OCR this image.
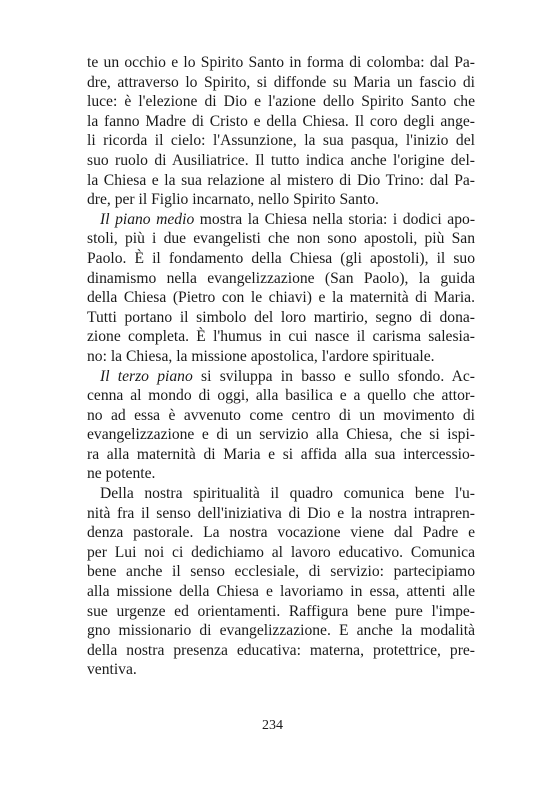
te un occhio e lo Spirito Santo in forma di colomba: dal Pa-
dre, attraverso lo Spirito, si diffonde su Maria un fascio di
luce: è l'elezione di Dio e l'azione dello Spirito Santo che
la fanno Madre di Cristo e della Chiesa. Il coro degli ange-
li ricorda il cielo: l'Assunzione, la sua pasqua, l'inizio del
suo ruolo di Ausiliatrice. Il tutto indica anche l'origine del-
la Chiesa e la sua relazione al mistero di Dio Trino: dal Pa-
dre, per il Figlio incarnato, nello Spirito Santo.
Il piano medio mostra la Chiesa nella storia: i dodici apo-
stoli, più i due evangelisti che non sono apostoli, più San
Paolo. È il fondamento della Chiesa (gli apostoli), il suo
dinamismo nella evangelizzazione (San Paolo), la guida
della Chiesa (Pietro con le chiavi) e la maternità di Maria.
Tutti portano il simbolo del loro martirio, segno di dona-
zione completa. È l'humus in cui nasce il carisma salesia-
no: la Chiesa, la missione apostolica, l'ardore spirituale.
Il terzo piano si sviluppa in basso e sullo sfondo. Ac-
cenna al mondo di oggi, alla basilica e a quello che attor-
no ad essa è avvenuto come centro di un movimento di
evangelizzazione e di un servizio alla Chiesa, che si ispi-
ra alla maternità di Maria e si affida alla sua intercessio-
ne potente.
Della nostra spiritualità il quadro comunica bene l'u-
nità fra il senso dell'iniziativa di Dio e la nostra intrapren-
denza pastorale. La nostra vocazione viene dal Padre e
per Lui noi ci dedichiamo al lavoro educativo. Comunica
bene anche il senso ecclesiale, di servizio: partecipiamo
alla missione della Chiesa e lavoriamo in essa, attenti alle
sue urgenze ed orientamenti. Raffigura bene pure l'impe-
gno missionario di evangelizzazione. E anche la modalità
della nostra presenza educativa: materna, protettrice, pre-
ventiva.
234
